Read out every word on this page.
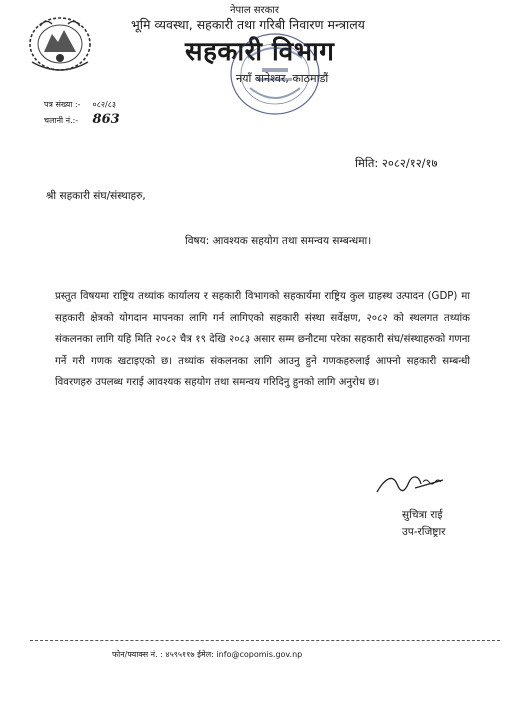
नेपाल सरकार
भूमि व्यवस्था, सहकारी तथा गरिबी निवारण मन्त्रालय
सहकारी विभाग
नयाँ बानेश्वर, काठमाडौं
पत्र संख्या :- ०८२/८३
चलानी नं.:- 863
मिति: २०८२/१२/१७
श्री सहकारी संघ/संस्थाहरु,
विषय: आवश्यक सहयोग तथा समन्वय सम्बन्धमा।
प्रस्तुत विषयमा राष्ट्रिय तथ्यांक कार्यालय र सहकारी विभागको सहकार्यमा राष्ट्रिय कुल ग्राहस्थ उत्पादन (GDP) मा सहकारी क्षेत्रको योगदान मापनका लागि गर्न लागिएको सहकारी संस्था सर्वेक्षण, २०८२ को स्थलगत तथ्यांक संकलनका लागि यहि मिति २०८२ चैत्र १९ देखि २०८३ असार सम्म छनौटमा परेका सहकारी संघ/संस्थाहरुको गणना गर्ने गरी गणक खटाइएको छ। तथ्यांक संकलनका लागि आउनु हुने गणकहरुलाई आफ्नो सहकारी सम्बन्धी विवरणहरु उपलब्ध गराई आवश्यक सहयोग तथा समन्वय गरिदिनु हुनको लागि अनुरोध छ।
सुचित्रा राई
उप-रजिष्ट्रार
फोन/फ्याक्स नं. : ४५९५११७ ईमेल: info@copomis.gov.np
